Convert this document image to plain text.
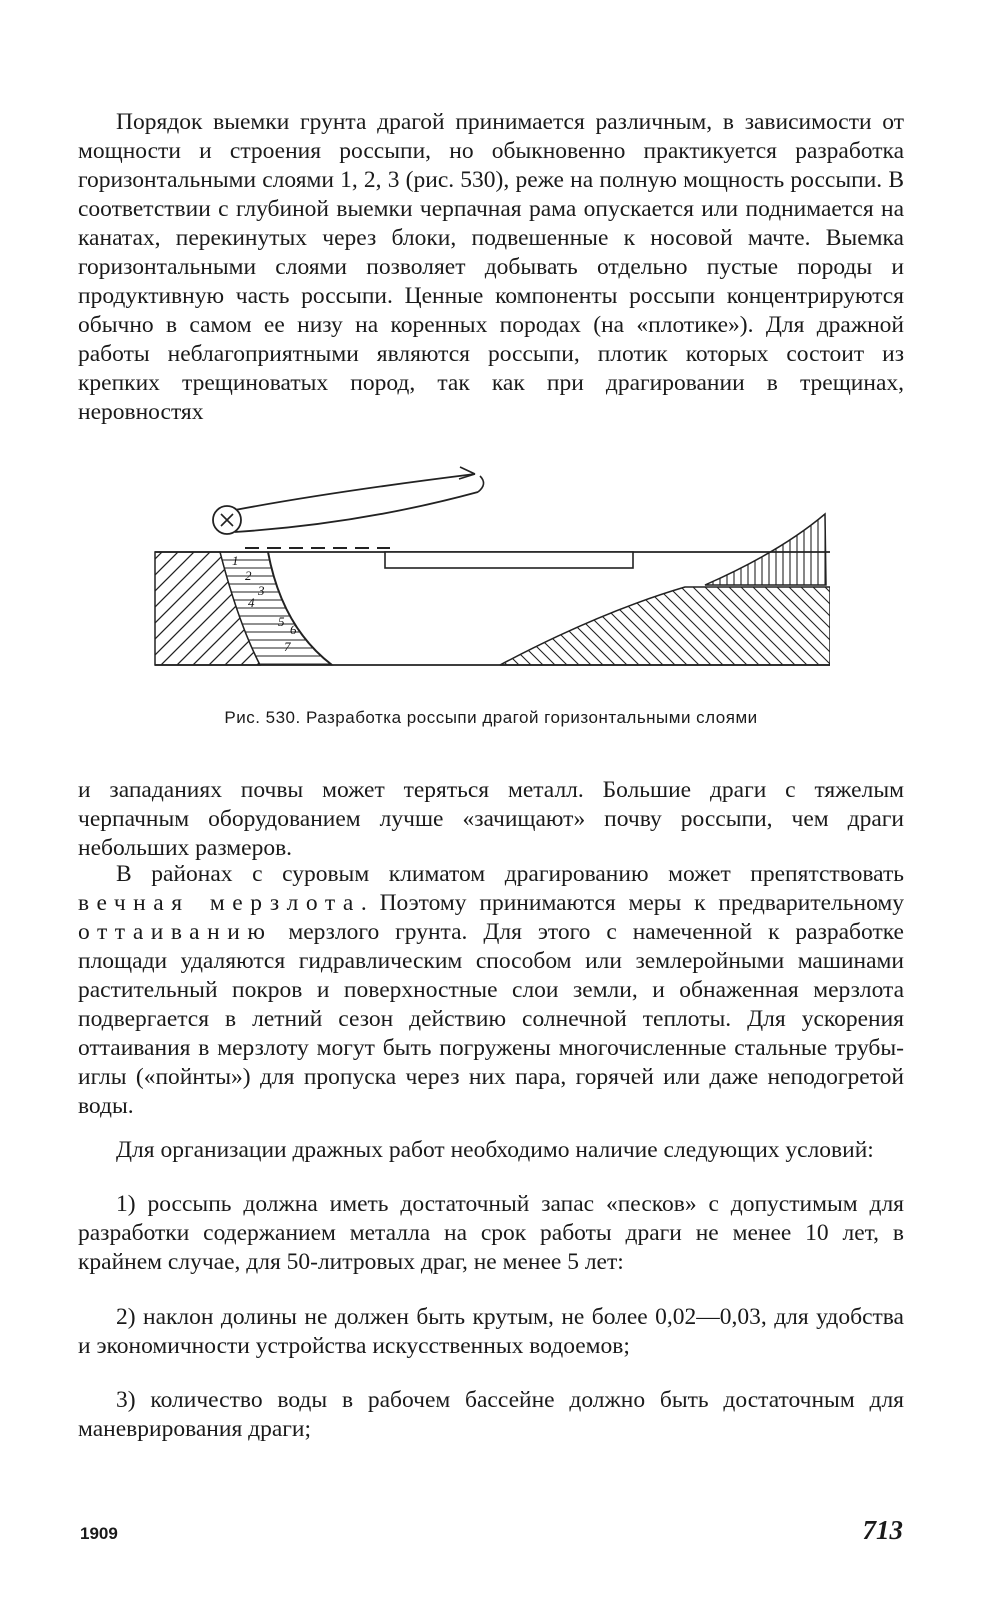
Порядок выемки грунта драгой принимается различным, в зависимости от мощности и строения россыпи, но обыкновенно практикуется разработка горизонтальными слоями 1, 2, 3 (рис. 530), реже на полную мощность россыпи. В соответствии с глубиной выемки черпачная рама опускается или поднимается на канатах, перекинутых через блоки, подвешенные к носовой мачте. Выемка горизонтальными слоями позволяет добывать отдельно пустые породы и продуктивную часть россыпи. Ценные компоненты россыпи концентрируются обычно в самом ее низу на коренных породах (на «плотике»). Для дражной работы неблагоприятными являются россыпи, плотик которых состоит из крепких трещиноватых пород, так как при драгировании в трещинах, неровностях

1
2
3
4
5
6
7
Рис. 530. Разработка россыпи драгой горизонтальными слоями

и западаниях почвы может теряться металл. Большие драги с тяжелым черпачным оборудованием лучше «зачищают» почву россыпи, чем драги небольших размеров.

В районах с суровым климатом драгированию может препятствовать вечная мерзлота. Поэтому принимаются меры к предварительному оттаиванию мерзлого грунта. Для этого с намеченной к разработке площади удаляются гидравлическим способом или землеройными машинами растительный покров и поверхностные слои земли, и обнаженная мерзлота подвергается в летний сезон действию солнечной теплоты. Для ускорения оттаивания в мерзлоту могут быть погружены многочисленные стальные трубы-иглы («пойнты») для пропуска через них пара, горячей или даже неподогретой воды.

Для организации дражных работ необходимо наличие следующих условий:

1) россыпь должна иметь достаточный запас «песков» с допустимым для разработки содержанием металла на срок работы драги не менее 10 лет, в крайнем случае, для 50-литровых драг, не менее 5 лет:

2) наклон долины не должен быть крутым, не более 0,02—0,03, для удобства и экономичности устройства искусственных водоемов;

3) количество воды в рабочем бассейне должно быть достаточным для маневрирования драги;

1909	713
